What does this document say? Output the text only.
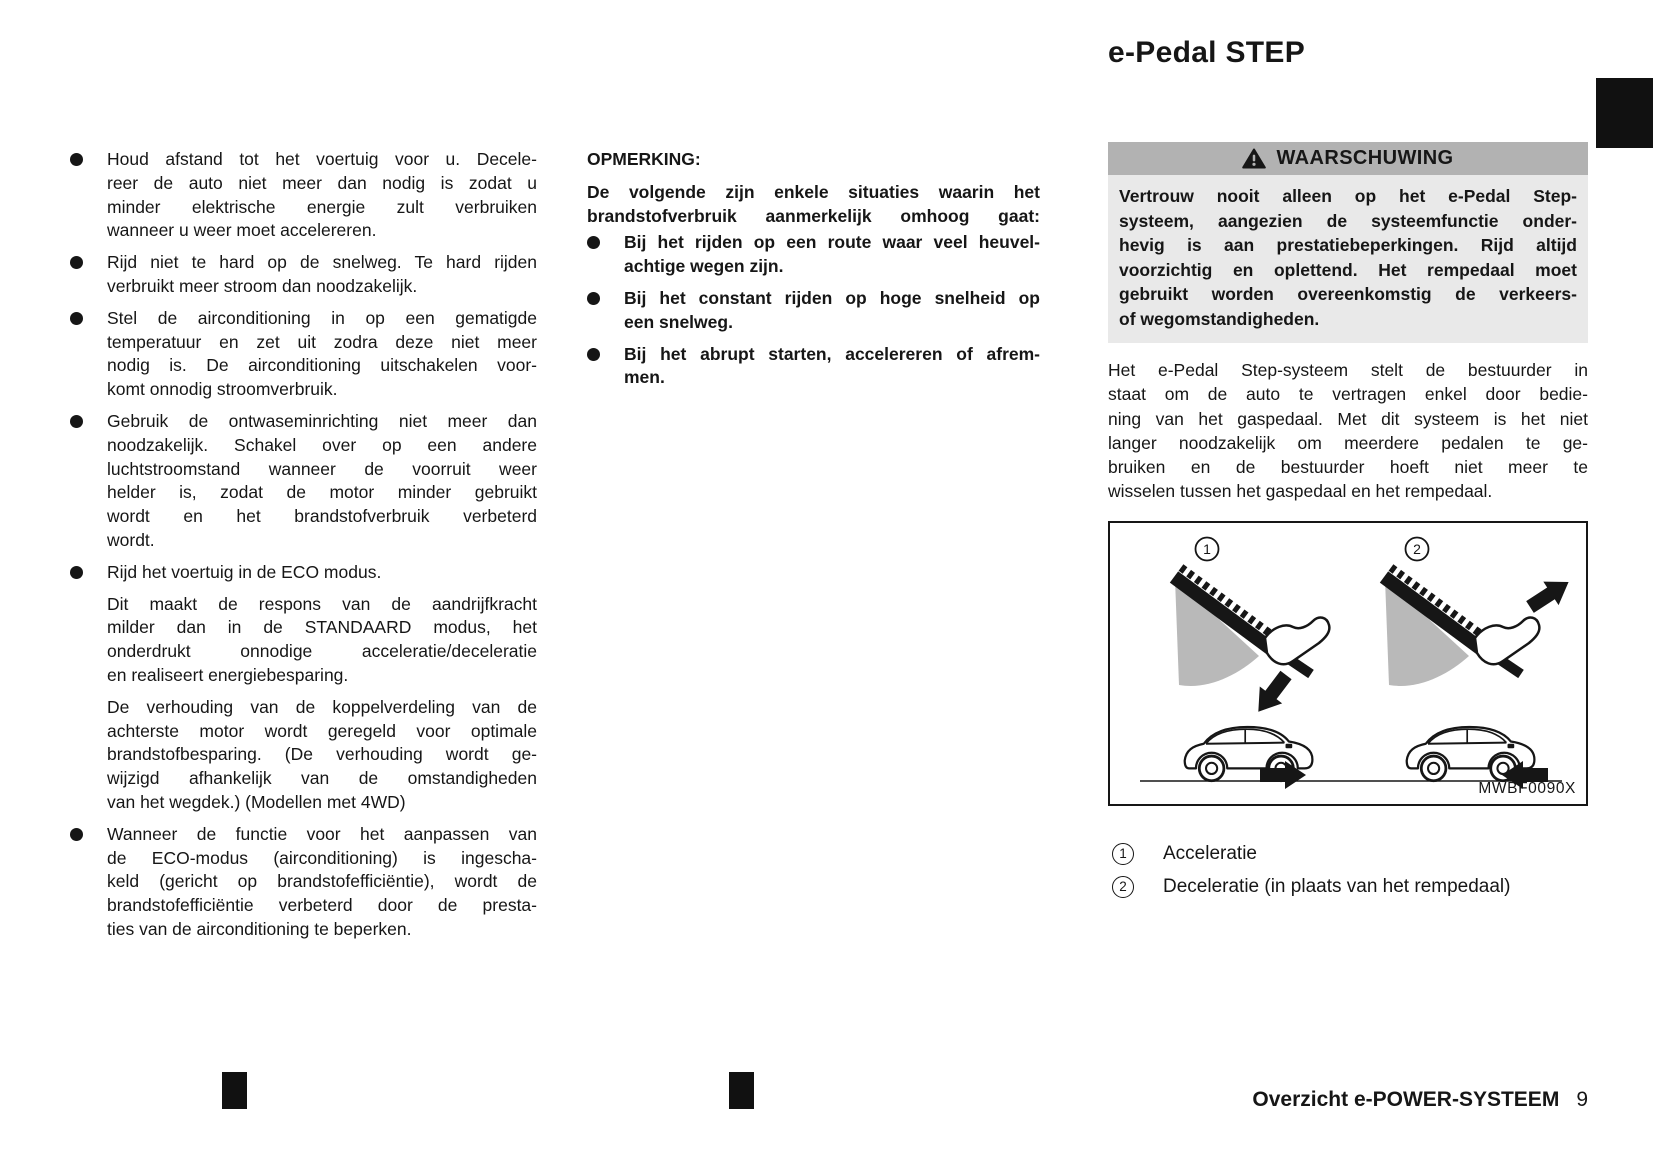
Houd afstand tot het voertuig voor u. Decele-
reer de auto niet meer dan nodig is zodat u
minder elektrische energie zult verbruiken
wanneer u weer moet accelereren.
Rijd niet te hard op de snelweg. Te hard rijden
verbruikt meer stroom dan noodzakelijk.
Stel de airconditioning in op een gematigde
temperatuur en zet uit zodra deze niet meer
nodig is. De airconditioning uitschakelen voor-
komt onnodig stroomverbruik.
Gebruik de ontwaseminrichting niet meer dan
noodzakelijk. Schakel over op een andere
luchtstroomstand wanneer de voorruit weer
helder is, zodat de motor minder gebruikt
wordt en het brandstofverbruik verbeterd
wordt.
Rijd het voertuig in de ECO modus.
Dit maakt de respons van de aandrijfkracht
milder dan in de STANDAARD modus, het
onderdrukt onnodige acceleratie/deceleratie
en realiseert energiebesparing.
De verhouding van de koppelverdeling van de
achterste motor wordt geregeld voor optimale
brandstofbesparing. (De verhouding wordt ge-
wijzigd afhankelijk van de omstandigheden
van het wegdek.) (Modellen met 4WD)
Wanneer de functie voor het aanpassen van
de ECO-modus (airconditioning) is ingescha-
keld (gericht op brandstofefficiëntie), wordt de
brandstofefficiëntie verbeterd door de presta-
ties van de airconditioning te beperken.
OPMERKING:
De volgende zijn enkele situaties waarin het
brandstofverbruik aanmerkelijk omhoog gaat:
Bij het rijden op een route waar veel heuvel-
achtige wegen zijn.
Bij het constant rijden op hoge snelheid op
een snelweg.
Bij het abrupt starten, accelereren of afrem-
men.
e-Pedal STEP
WAARSCHUWING
Vertrouw nooit alleen op het e-Pedal Step-
systeem, aangezien de systeemfunctie onder-
hevig is aan prestatiebeperkingen. Rijd altijd
voorzichtig en oplettend. Het rempedaal moet
gebruikt worden overeenkomstig de verkeers-
of wegomstandigheden.
Het e-Pedal Step-systeem stelt de bestuurder in
staat om de auto te vertragen enkel door bedie-
ning van het gaspedaal. Met dit systeem is het niet
langer noodzakelijk om meerdere pedalen te ge-
bruiken en de bestuurder hoeft niet meer te
wisselen tussen het gaspedaal en het rempedaal.
1	2
MWBF0090X
1	Acceleratie
2	Deceleratie (in plaats van het rempedaal)
Overzicht e-POWER-SYSTEEM 9
